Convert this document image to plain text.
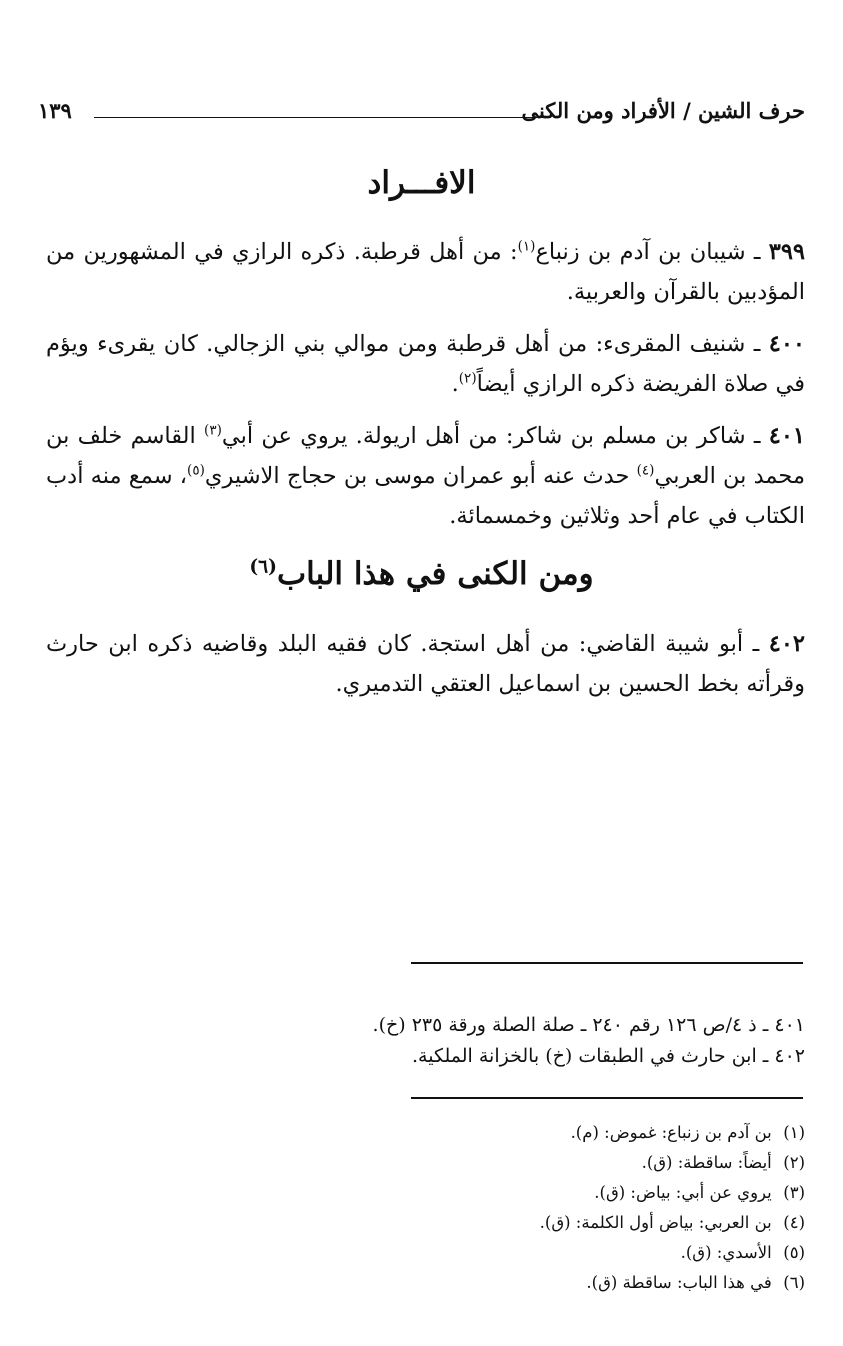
حرف الشين / الأفراد ومن الكنى
١٣٩
الافـــراد

٣٩٩ ـ شيبان بن آدم بن زنباع$^{(١)}$: من أهل قرطبة. ذكره الرازي في المشهورين من المؤدبين بالقرآن والعربية.

٤٠٠ ـ شنيف المقرىء: من أهل قرطبة ومن موالي بني الزجالي. كان يقرىء ويؤم في صلاة الفريضة ذكره الرازي أيضاً$^{(٢)}$.

٤٠١ ـ شاكر بن مسلم بن شاكر: من أهل اريولة. يروي عن أبي$^{(٣)}$ القاسم خلف بن محمد بن العربي$^{(٤)}$ حدث عنه أبو عمران موسى بن حجاج الاشيري$^{(٥)}$، سمع منه أدب الكتاب في عام أحد وثلاثين وخمسمائة.

ومن الكنى في هذا الباب$^{(٦)}$

٤٠٢ ـ أبو شيبة القاضي: من أهل استجة. كان فقيه البلد وقاضيه ذكره ابن حارث وقرأته بخط الحسين بن اسماعيل العتقي التدميري.

٤٠١ ـ ذ ٤/ص ١٢٦ رقم ٢٤٠ ـ صلة الصلة ورقة ٢٣٥ (خ).
٤٠٢ ـ ابن حارث في الطبقات (خ) بالخزانة الملكية.
(١) بن آدم بن زنباع: غموض: (م).
(٢) أيضاً: ساقطة: (ق).
(٣) يروي عن أبي: بياض: (ق).
(٤) بن العربي: بياض أول الكلمة: (ق).
(٥) الأسدي: (ق).
(٦) في هذا الباب: ساقطة (ق).
